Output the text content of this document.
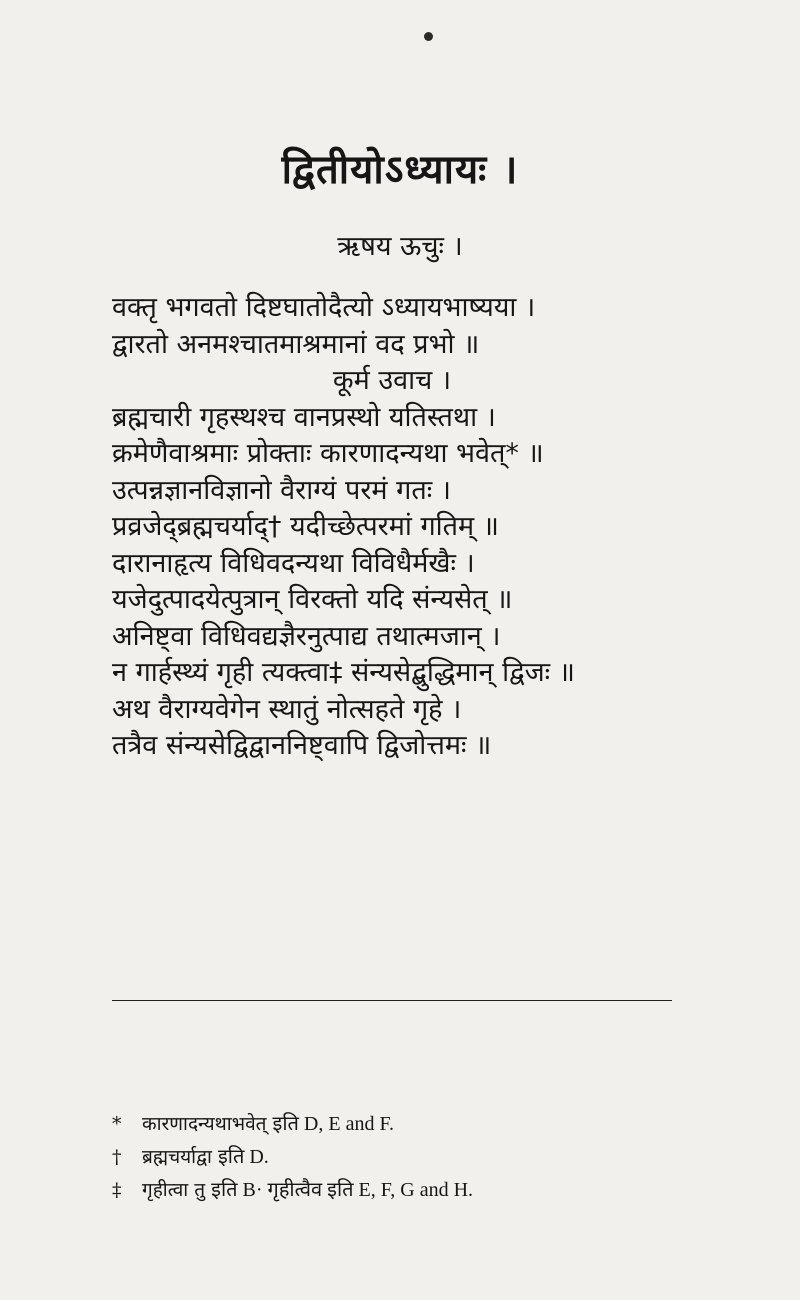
द्वितीयोऽध्यायः ।
ऋषय ऊचुः ।
वक्तृ भगवतो दिष्टघातोदैत्यो ऽध्यायभाष्यया ।
द्वारतो अनमश्चातमाश्रमानां वद प्रभो ॥
कूर्म उवाच ।
ब्रह्मचारी गृहस्थश्च वानप्रस्थो यतिस्तथा ।
क्रमेणैवाश्रमाः प्रोक्ताः कारणादन्यथा भवेत्* ॥
उत्पन्नज्ञानविज्ञानो वैराग्यं परमं गतः ।
प्रव्रजेद्ब्रह्मचर्याद्† यदीच्छेत्परमां गतिम् ॥
दारानाहृत्य विधिवदन्यथा विविधैर्मखैः ।
यजेदुत्पादयेत्पुत्रान् विरक्तो यदि संन्यसेत् ॥
अनिष्ट्वा विधिवद्यज्ञैरनुत्पाद्य तथात्मजान् ।
न गार्हस्थ्यं गृही त्यक्त्वा‡ संन्यसेद्बुद्धिमान् द्विजः ॥
अथ वैराग्यवेगेन स्थातुं नोत्सहते गृहे ।
तत्रैव संन्यसेद्विद्वाननिष्ट्वापि द्विजोत्तमः ॥
* कारणादन्यथाभवेत् इति D, E and F.
† ब्रह्मचर्याद्वा इति D.
‡ गृहीत्वा तु इति B· गृहीत्वैव इति E, F, G and H.
